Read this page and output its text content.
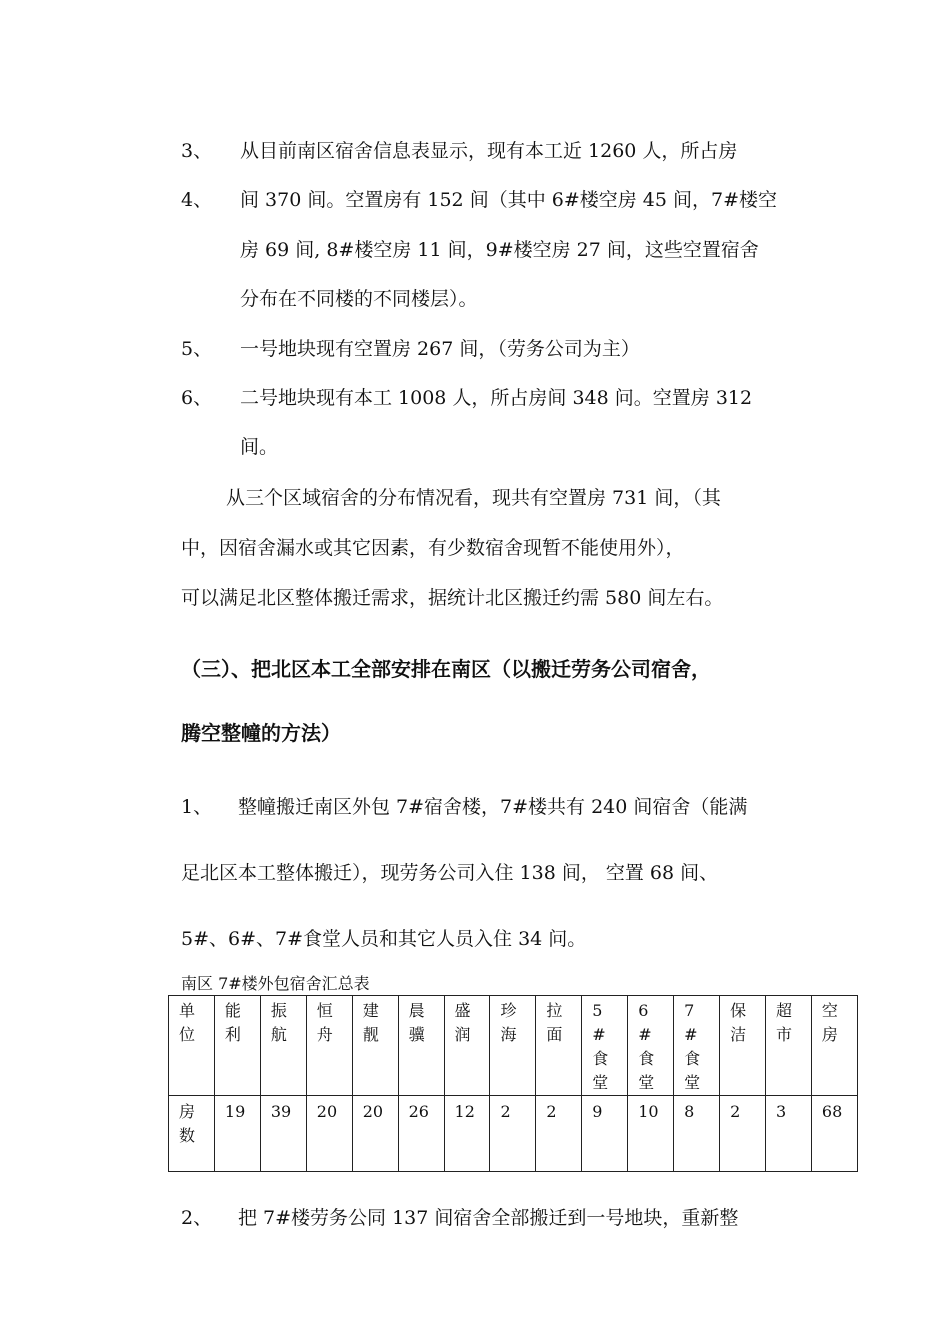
3、 从目前南区宿舍信息表显示，现有本工近 1260 人，所占房
4、 间 370 间。空置房有 152 间（其中 6#楼空房 45 间，7#楼空
房 69 间, 8#楼空房 11 间，9#楼空房 27 间，这些空置宿舍
分布在不同楼的不同楼层）。
5、 一号地块现有空置房 267 间，（劳务公司为主）
6、 二号地块现有本工 1008 人，所占房间 348 问。空置房 312
间。
从三个区域宿舍的分布情况看，现共有空置房 731 间，（其
中，因宿舍漏水或其它因素，有少数宿舍现暂不能使用外），
可以满足北区整体搬迁需求，据统计北区搬迁约需 580 间左右。
（三）、把北区本工全部安排在南区（以搬迁劳务公司宿舍，
腾空整幢的方法）
1、 整幢搬迁南区外包 7#宿舍楼，7#楼共有 240 间宿舍（能满
足北区本工整体搬迁），现劳务公司入住 138 间， 空置 68 间、
5#、6#、7#食堂人员和其它人员入住 34 问。
南区 7#楼外包宿舍汇总表
单位	能利	振航	恒舟	建靓	晨骥	盛润	珍海	拉面	5#食堂	6#食堂	7#食堂	保洁	超市	空房

房数	19	39	20	20	26	12	2	2	9	10	8	2	3	68
2、 把 7#楼劳务公同 137 间宿舍全部搬迁到一号地块，重新整
